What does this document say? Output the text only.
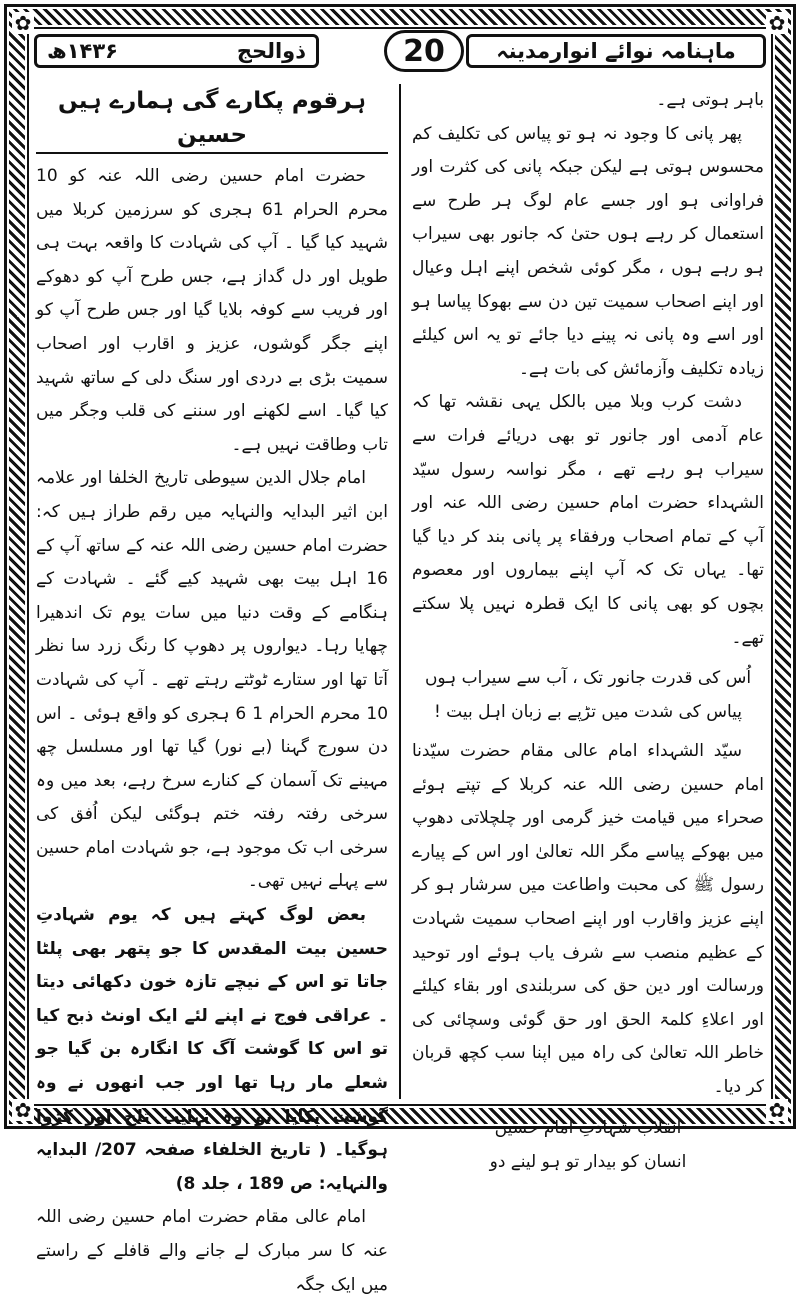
✿	✿
✿	✿
ذوالحج
۱۴۳۶ھ	20	ماہنامہ نوائے انوارمدینہ

باہر ہوتی ہے۔

پھر پانی کا وجود نہ ہو تو پیاس کی تکلیف کم محسوس ہوتی ہے لیکن جبکہ پانی کی کثرت اور فراوانی ہو اور جسے عام لوگ ہر طرح سے استعمال کر رہے ہوں حتیٰ کہ جانور بھی سیراب ہو رہے ہوں ، مگر کوئی شخص اپنے اہل وعیال اور اپنے اصحاب سمیت تین دن سے بھوکا پیاسا ہو اور اسے وہ پانی نہ پینے دیا جائے تو یہ اس کیلئے زیادہ تکلیف وآزمائش کی بات ہے۔

دشت کرب وبلا میں بالکل یہی نقشہ تھا کہ عام آدمی اور جانور تو بھی دریائے فرات سے سیراب ہو رہے تھے ، مگر نواسہ رسول سیّد الشہداء حضرت امام حسین رضی اللہ عنہ اور آپ کے تمام اصحاب ورفقاء پر پانی بند کر دیا گیا تھا۔ یہاں تک کہ آپ اپنے بیماروں اور معصوم بچوں کو بھی پانی کا ایک قطرہ نہیں پلا سکتے تھے۔

اُس کی قدرت جانور تک ، آب سے سیراب ہوں

پیاس کی شدت میں تڑپے بے زبان اہل بیت !

سیّد الشہداء امام عالی مقام حضرت سیّدنا امام حسین رضی اللہ عنہ کربلا کے تپتے ہوئے صحراء میں قیامت خیز گرمی اور چلچلاتی دھوپ میں بھوکے پیاسے مگر اللہ تعالیٰ اور اس کے پیارے رسول ﷺ کی محبت واطاعت میں سرشار ہو کر اپنے عزیز واقارب اور اپنے اصحاب سمیت شہادت کے عظیم منصب سے شرف یاب ہوئے اور توحید ورسالت اور دین حق کی سربلندی اور بقاء کیلئے اور اعلاءِ کلمۃ الحق اور حق گوئی وسچائی کی خاطر اللہ تعالیٰ کی راہ میں اپنا سب کچھ قربان کر دیا۔

انقلاب شہادتِ امام حسین

انسان کو بیدار تو ہو لینے دو

ہرقوم پکارے گی ہمارے ہیں حسین

حضرت امام حسین رضی اللہ عنہ کو 10 محرم الحرام 61 ہجری کو سرزمین کربلا میں شہید کیا گیا ۔ آپ کی شہادت کا واقعہ بہت ہی طویل اور دل گداز ہے، جس طرح آپ کو دھوکے اور فریب سے کوفہ بلایا گیا اور جس طرح آپ کو اپنے جگر گوشوں، عزیز و اقارب اور اصحاب سمیت بڑی بے دردی اور سنگ دلی کے ساتھ شہید کیا گیا۔ اسے لکھنے اور سننے کی قلب وجگر میں تاب وطاقت نہیں ہے۔

امام جلال الدین سیوطی تاریخ الخلفا اور علامہ ابن اثیر البدایہ والنہایہ میں رقم طراز ہیں کہ: حضرت امام حسین رضی اللہ عنہ کے ساتھ آپ کے 16 اہل بیت بھی شہید کیے گئے ۔ شہادت کے ہنگامے کے وقت دنیا میں سات یوم تک اندھیرا چھایا رہا۔ دیواروں پر دھوپ کا رنگ زرد سا نظر آتا تھا اور ستارے ٹوٹتے رہتے تھے ۔ آپ کی شہادت 10 محرم الحرام 1 6 ہجری کو واقع ہوئی ۔ اس دن سورج گہنا (بے نور) گیا تھا اور مسلسل چھ مہینے تک آسمان کے کنارے سرخ رہے، بعد میں وہ سرخی رفتہ رفتہ ختم ہوگئی لیکن اُفق کی سرخی اب تک موجود ہے، جو شہادت امام حسین سے پہلے نہیں تھی۔

بعض لوگ کہتے ہیں کہ یوم شہادتِ حسین بیت المقدس کا جو پتھر بھی پلٹا جاتا تو اس کے نیچے تازہ خون دکھائی دیتا ۔ عراقی فوج نے اپنے لئے ایک اونٹ ذبح کیا تو اس کا گوشت آگ کا انگارہ بن گیا جو شعلے مار رہا تھا اور جب انھوں نے وہ گوشت پکایا تو وہ نہایت تلخ اور کڑوا ہوگیا۔ ( تاریخ الخلفاء صفحہ 207/ البدایہ والنہایہ: ص 189 ، جلد 8)

امام عالی مقام حضرت امام حسین رضی اللہ عنہ کا سر مبارک لے جانے والے قافلے کے راستے میں ایک جگہ
